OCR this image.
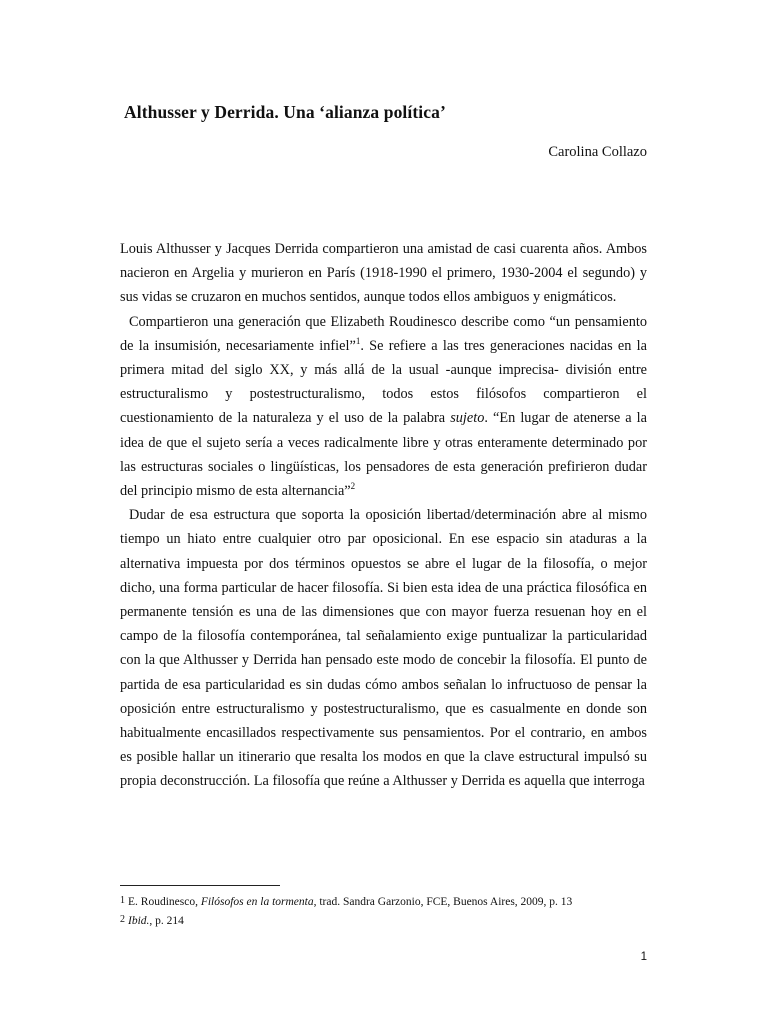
Althusser y Derrida. Una ‘alianza política’
Carolina Collazo

Louis Althusser y Jacques Derrida compartieron una amistad de casi cuarenta años. Ambos nacieron en Argelia y murieron en París (1918-1990 el primero, 1930-2004 el segundo) y sus vidas se cruzaron en muchos sentidos, aunque todos ellos ambiguos y enigmáticos.

Compartieron una generación que Elizabeth Roudinesco describe como “un pensamiento de la insumisión, necesariamente infiel”$^1$. Se refiere a las tres generaciones nacidas en la primera mitad del siglo XX, y más allá de la usual -aunque imprecisa- división entre estructuralismo y postestructuralismo, todos estos filósofos compartieron el cuestionamiento de la naturaleza y el uso de la palabra sujeto. “En lugar de atenerse a la idea de que el sujeto sería a veces radicalmente libre y otras enteramente determinado por las estructuras sociales o lingüísticas, los pensadores de esta generación prefirieron dudar del principio mismo de esta alternancia”$^2$

Dudar de esa estructura que soporta la oposición libertad/determinación abre al mismo tiempo un hiato entre cualquier otro par oposicional. En ese espacio sin ataduras a la alternativa impuesta por dos términos opuestos se abre el lugar de la filosofía, o mejor dicho, una forma particular de hacer filosofía. Si bien esta idea de una práctica filosófica en permanente tensión es una de las dimensiones que con mayor fuerza resuenan hoy en el campo de la filosofía contemporánea, tal señalamiento exige puntualizar la particularidad con la que Althusser y Derrida han pensado este modo de concebir la filosofía. El punto de partida de esa particularidad es sin dudas cómo ambos señalan lo infructuoso de pensar la oposición entre estructuralismo y postestructuralismo, que es casualmente en donde son habitualmente encasillados respectivamente sus pensamientos. Por el contrario, en ambos es posible hallar un itinerario que resalta los modos en que la clave estructural impulsó su propia deconstrucción. La filosofía que reúne a Althusser y Derrida es aquella que interroga

1 E. Roudinesco, Filósofos en la tormenta, trad. Sandra Garzonio, FCE, Buenos Aires, 2009, p. 13

2 Ibid., p. 214

1
